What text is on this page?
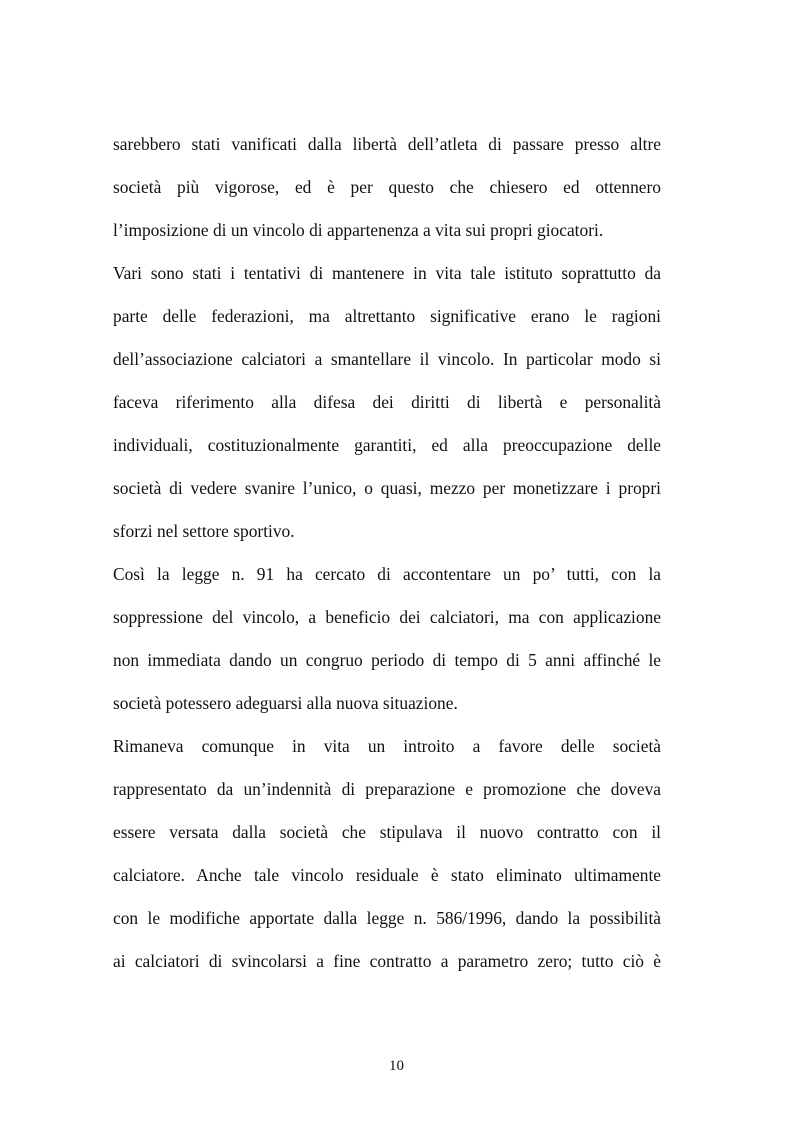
sarebbero stati vanificati dalla libertà dell’atleta di passare presso altre
società più vigorose, ed è per questo che chiesero ed ottennero
l’imposizione di un vincolo di appartenenza a vita sui propri giocatori.
Vari sono stati i tentativi di mantenere in vita tale istituto soprattutto da
parte delle federazioni, ma altrettanto significative erano le ragioni
dell’associazione calciatori a smantellare il vincolo. In particolar modo si
faceva riferimento alla difesa dei diritti di libertà e personalità
individuali, costituzionalmente garantiti, ed alla preoccupazione delle
società di vedere svanire l’unico, o quasi, mezzo per monetizzare i propri
sforzi nel settore sportivo.
Così la legge n. 91 ha cercato di accontentare un po’ tutti, con la
soppressione del vincolo, a beneficio dei calciatori, ma con applicazione
non immediata dando un congruo periodo di tempo di 5 anni affinché le
società potessero adeguarsi alla nuova situazione.
Rimaneva comunque in vita un introito a favore delle società
rappresentato da un’indennità di preparazione e promozione che doveva
essere versata dalla società che stipulava il nuovo contratto con il
calciatore. Anche tale vincolo residuale è stato eliminato ultimamente
con le modifiche apportate dalla legge n. 586/1996, dando la possibilità
ai calciatori di svincolarsi a fine contratto a parametro zero; tutto ciò è
10
